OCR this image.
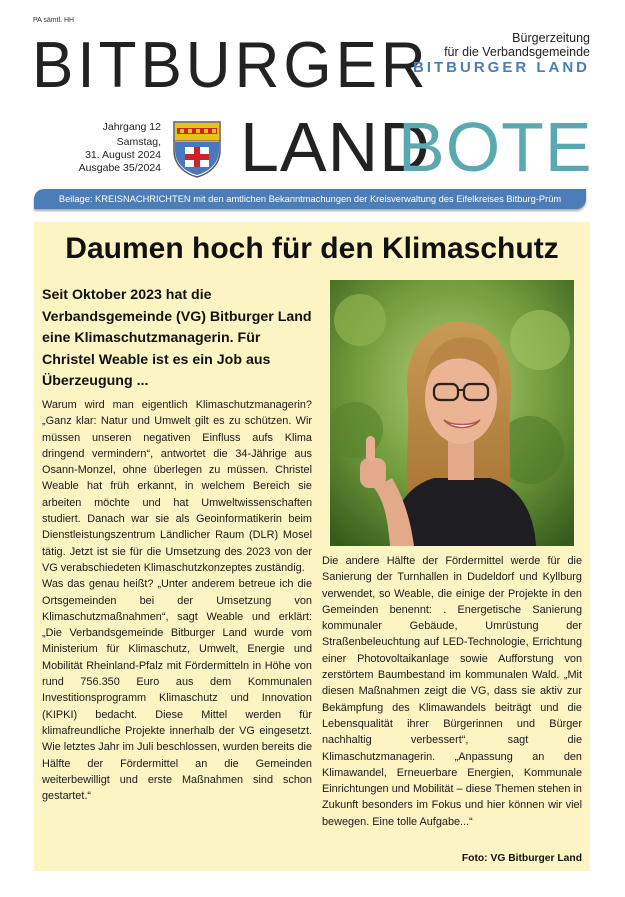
PA sämtl. HH
BITBURGER	Bürgerzeitung
für die Verbandsgemeinde
BITBURGER LAND
Jahrgang 12
Samstag,
31. August 2024
Ausgabe 35/2024 LAND
BOTE
Beilage: KREISNACHRICHTEN mit den amtlichen Bekanntmachungen der Kreisverwaltung des Eifelkreises Bitburg-Prüm
Daumen hoch für den Klimaschutz
Seit Oktober 2023 hat die Verbandsgemeinde (VG) Bitburger Land eine Klimaschutzmanagerin. Für Christel Weable ist es ein Job aus Überzeugung ...

Warum wird man eigentlich Klimaschutzmanagerin? „Ganz klar: Natur und Umwelt gilt es zu schützen. Wir müssen unseren negativen Einfluss aufs Klima dringend vermindern“, antwortet die 34-Jährige aus Osann-Monzel, ohne überlegen zu müssen. Christel Weable hat früh erkannt, in welchem Bereich sie arbeiten möchte und hat Umweltwissenschaften studiert. Danach war sie als Geoinformatikerin beim Dienstleistungszentrum Ländlicher Raum (DLR) Mosel tätig. Jetzt ist sie für die Umsetzung des 2023 von der VG verabschiedeten Klimaschutzkonzeptes zuständig.

Was das genau heißt? „Unter anderem betreue ich die Ortsgemeinden bei der Umsetzung von Klimaschutzmaßnahmen“, sagt Weable und erklärt: „Die Verbandsgemeinde Bitburger Land wurde vom Ministerium für Klimaschutz, Umwelt, Energie und Mobilität Rheinland-Pfalz mit Fördermitteln in Höhe von rund 756.350 Euro aus dem Kommunalen Investitionsprogramm Klimaschutz und Innovation (KIPKI) bedacht. Diese Mittel werden für klimafreundliche Projekte innerhalb der VG eingesetzt. Wie letztes Jahr im Juli beschlossen, wurden bereits die Hälfte der Fördermittel an die Gemeinden weiterbewilligt und erste Maßnahmen sind schon gestartet.“

Die andere Hälfte der Fördermittel werde für die Sanierung der Turnhallen in Dudeldorf und Kyllburg verwendet, so Weable, die einige der Projekte in den Gemeinden benennt: . Energetische Sanierung kommunaler Gebäude, Umrüstung der Straßenbeleuchtung auf LED-Technologie, Errichtung einer Photovoltaikanlage sowie Aufforstung von zerstörtem Baumbestand im kommunalen Wald. „Mit diesen Maßnahmen zeigt die VG, dass sie aktiv zur Bekämpfung des Klimawandels beiträgt und die Lebensqualität ihrer Bürgerinnen und Bürger nachhaltig verbessert“, sagt die Klimaschutzmanagerin. „Anpassung an den Klimawandel, Erneuerbare Energien, Kommunale Einrichtungen und Mobilität – diese Themen stehen in Zukunft besonders im Fokus und hier können wir viel bewegen. Eine tolle Aufgabe...“

Foto: VG Bitburger Land
